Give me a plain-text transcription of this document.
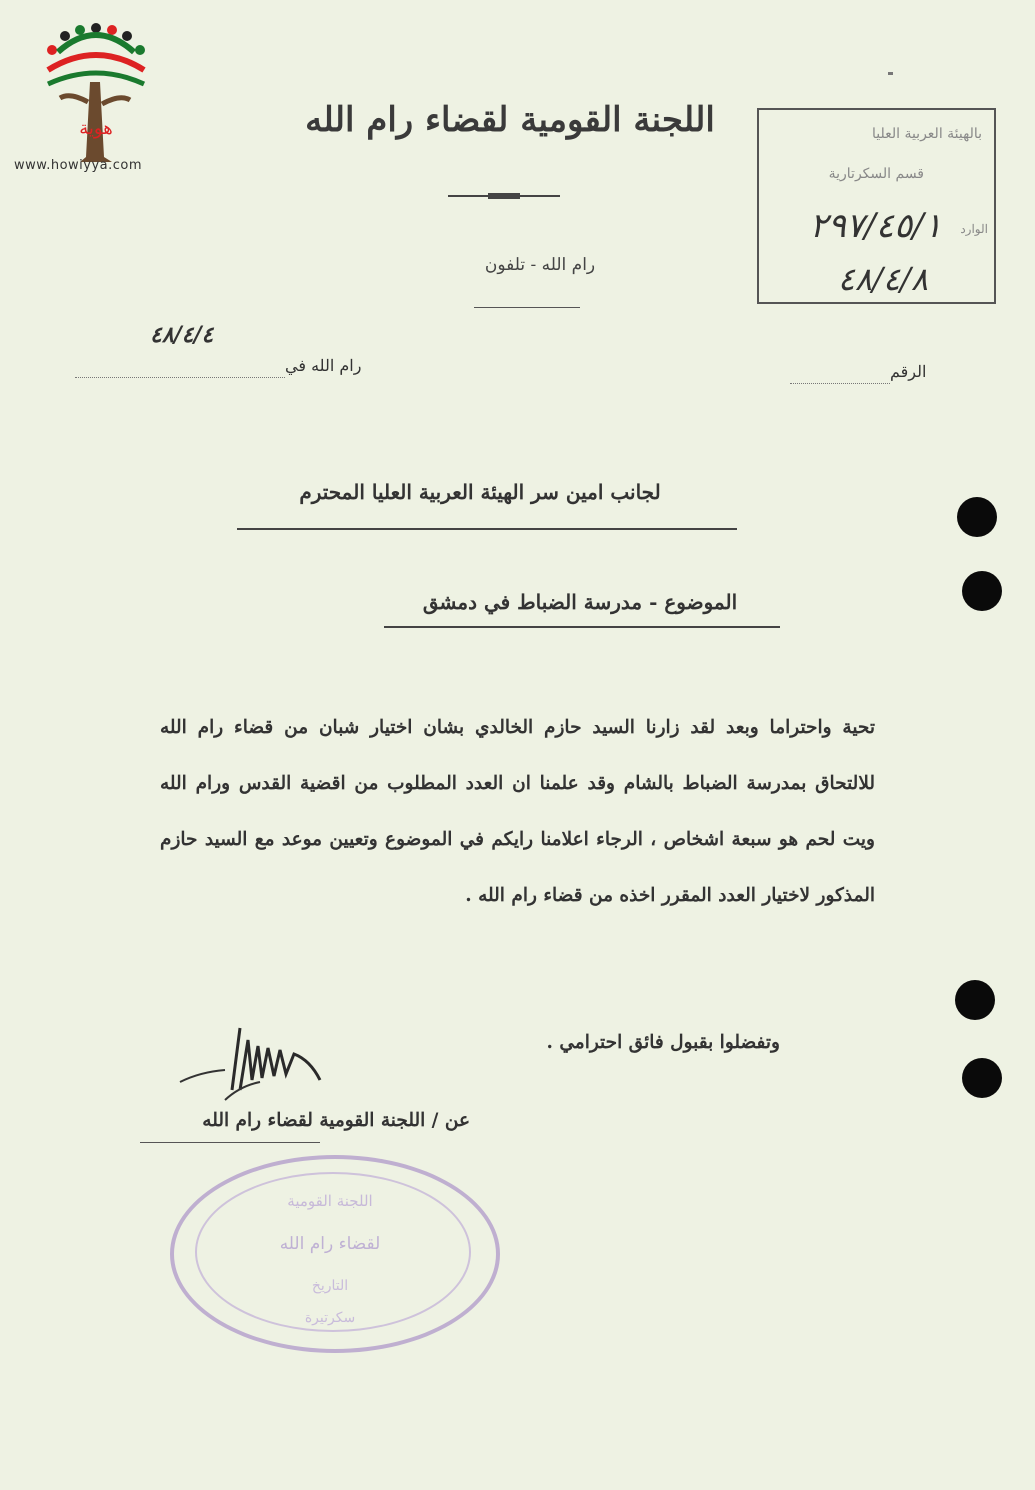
هوية
www.howiyya.com
اللجنة القومية لقضاء رام الله
رام الله - تلفون
بالهيئة العربية العليا
قسم السكرتارية
الوارد
٢٩٧/٤٥/١
٤٨/٤/٨
٤٨/٤/٤
رام الله في	الرقم
لجانب امين سر الهيئة العربية العليا المحترم
الموضوع - مدرسة الضباط في دمشق
تحية واحتراما وبعد لقد زارنا السيد حازم الخالدي بشان اختيار شبان من قضاء رام الله للالتحاق بمدرسة الضباط بالشام وقد علمنا ان العدد المطلوب من اقضية القدس ورام الله ويت لحم هو سبعة اشخاص ، الرجاء اعلامنا رايكم في الموضوع وتعيين موعد مع السيد حازم المذكور لاختيار العدد المقرر اخذه من قضاء رام الله .
وتفضلوا بقبول فائق احترامي .
عن / اللجنة القومية لقضاء رام الله
اللجنة القومية
لقضاء رام الله
التاريخ
سكرتيرة
